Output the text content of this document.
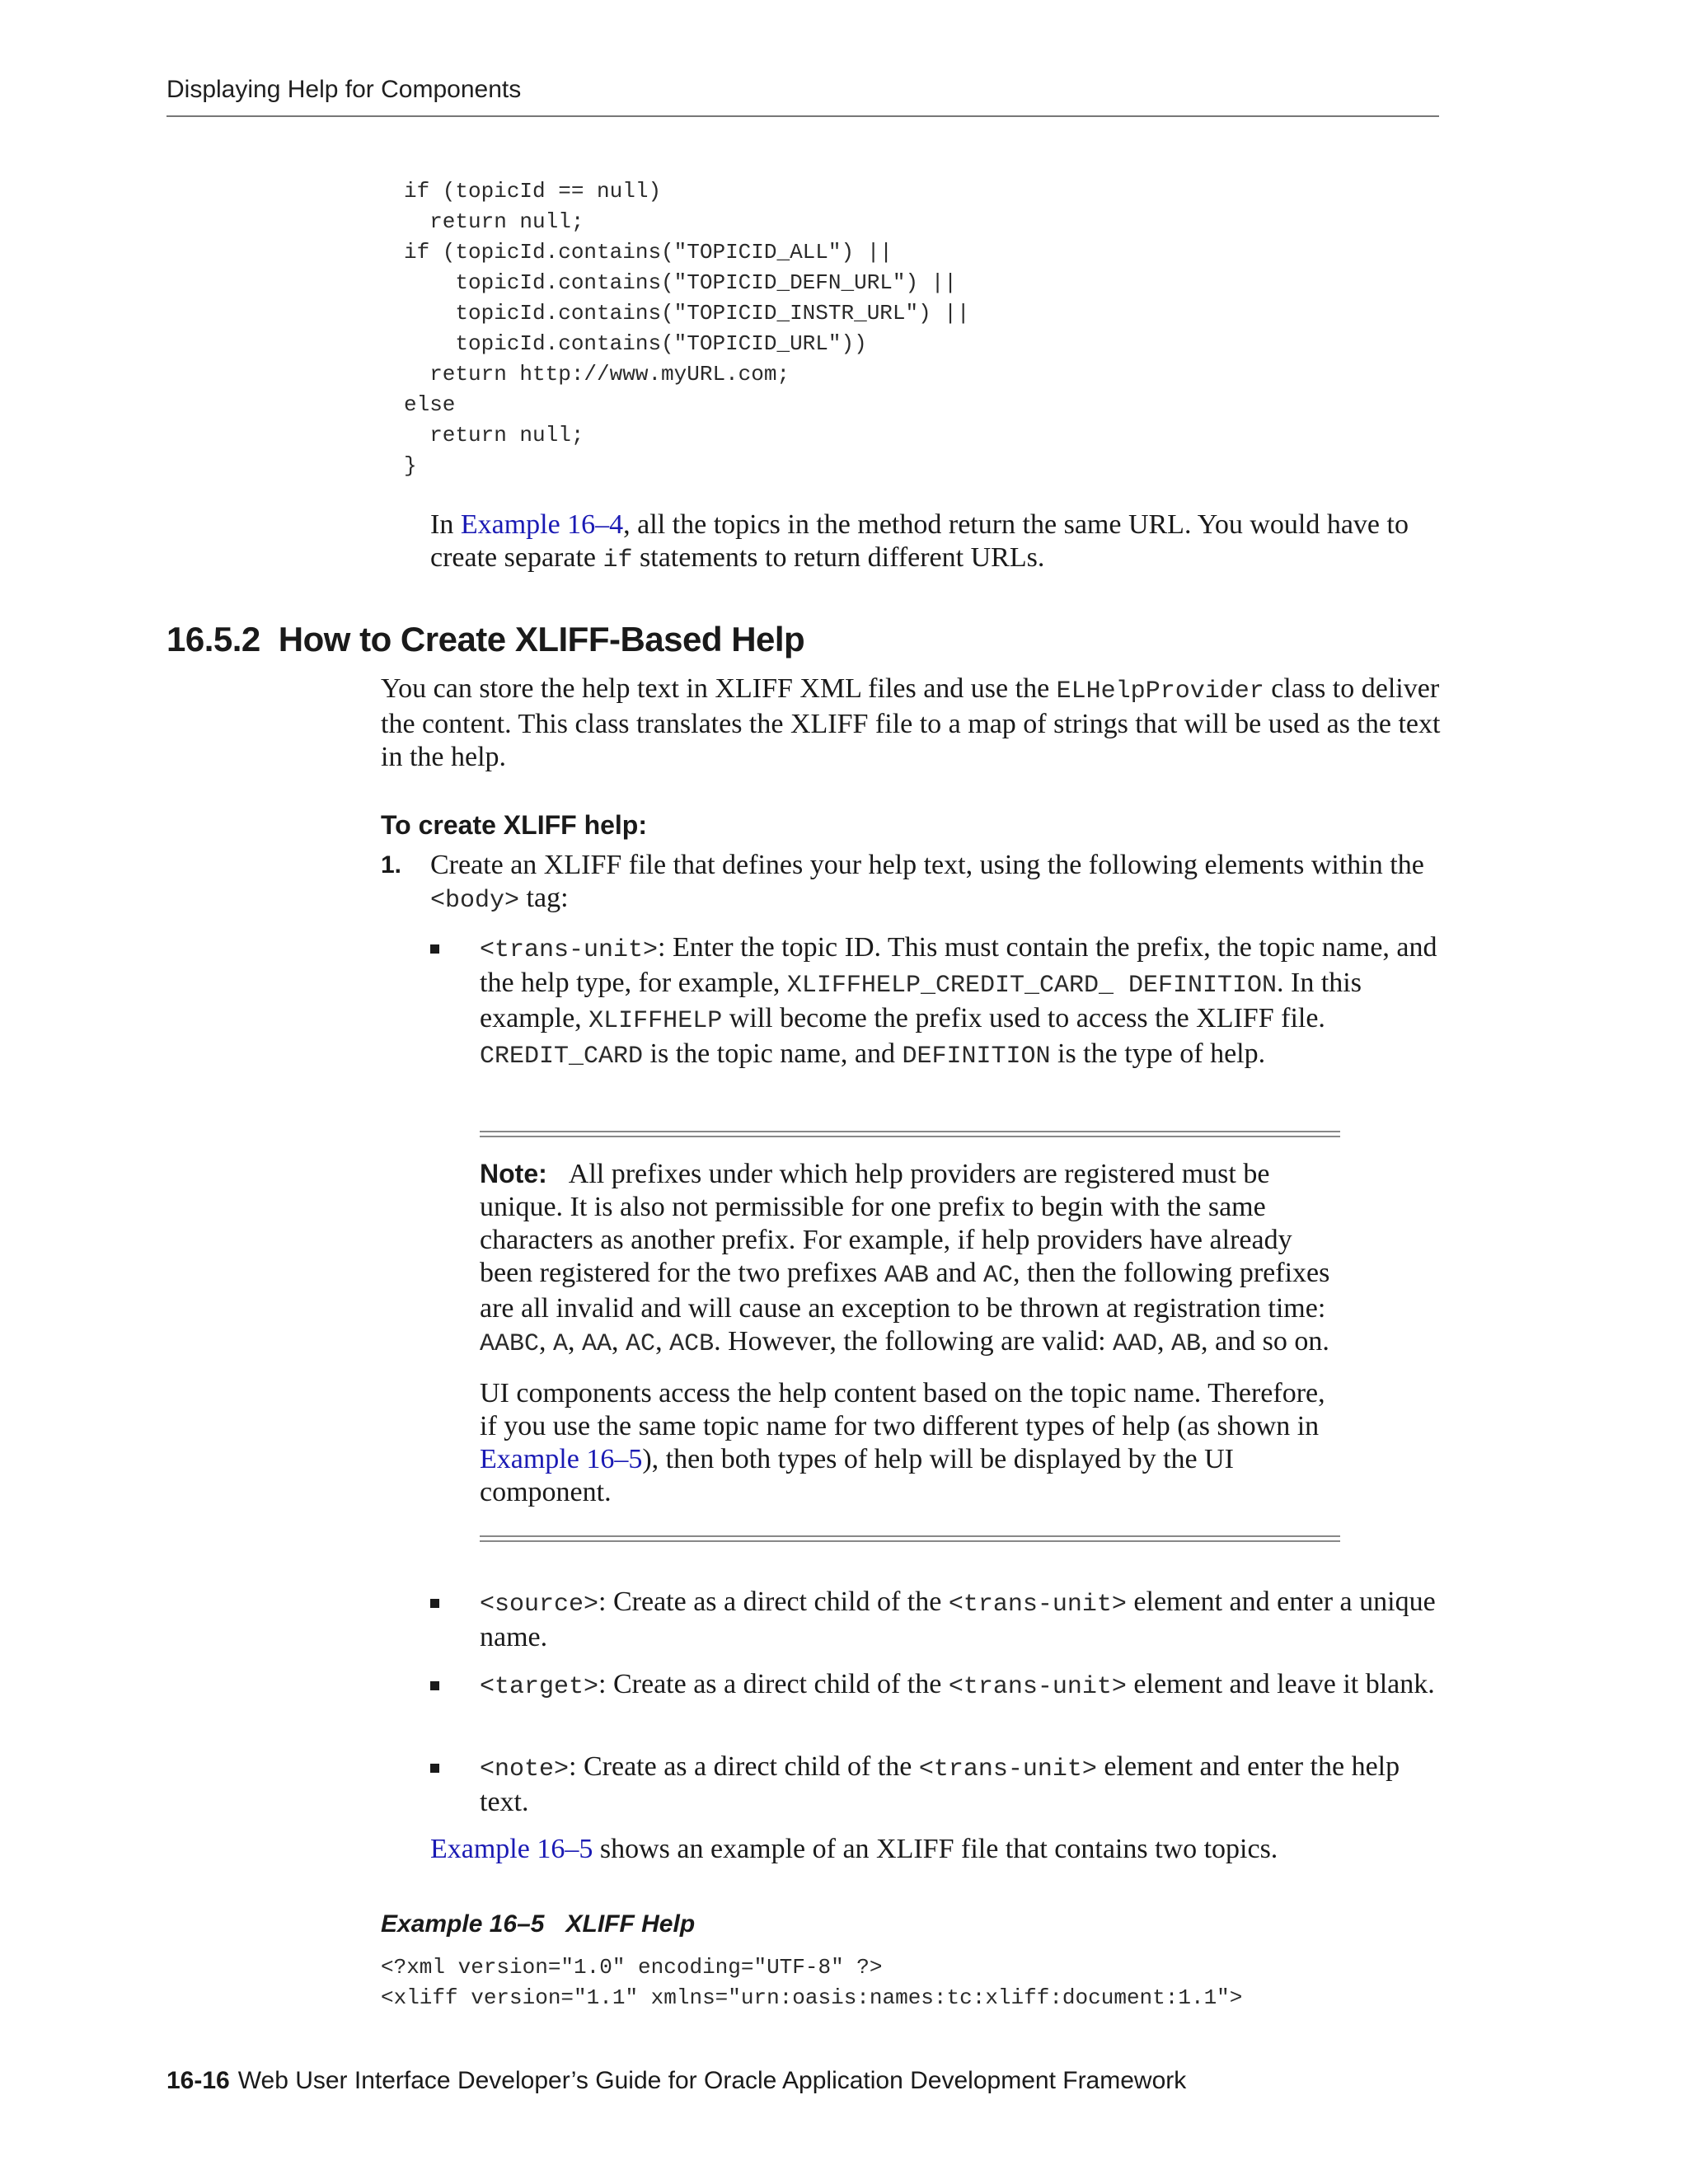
Displaying Help for Components
if (topicId == null)
return null;
if (topicId.contains("TOPICID_ALL") ||
topicId.contains("TOPICID_DEFN_URL") ||
topicId.contains("TOPICID_INSTR_URL") ||
topicId.contains("TOPICID_URL"))
return http://www.myURL.com;
else
return null;
}

In Example 16–4, all the topics in the method return the same URL. You would have to create separate if statements to return different URLs.

16.5.2 How to Create XLIFF-Based Help

You can store the help text in XLIFF XML files and use the ELHelpProvider class to deliver the content. This class translates the XLIFF file to a map of strings that will be used as the text in the help.

To create XLIFF help:
1. Create an XLIFF file that defines your help text, using the following elements within the <body> tag:
<trans-unit>: Enter the topic ID. This must contain the prefix, the topic name, and the help type, for example, XLIFFHELP_CREDIT_CARD_ DEFINITION. In this example, XLIFFHELP will become the prefix used to access the XLIFF file. CREDIT_CARD is the topic name, and DEFINITION is the type of help.

Note: All prefixes under which help providers are registered must be unique. It is also not permissible for one prefix to begin with the same characters as another prefix. For example, if help providers have already been registered for the two prefixes AAB and AC, then the following prefixes are all invalid and will cause an exception to be thrown at registration time: AABC, A, AA, AC, ACB. However, the following are valid: AAD, AB, and so on.

UI components access the help content based on the topic name. Therefore, if you use the same topic name for two different types of help (as shown in Example 16–5), then both types of help will be displayed by the UI component.

<source>: Create as a direct child of the <trans-unit> element and enter a unique name.
<target>: Create as a direct child of the <trans-unit> element and leave it blank.
<note>: Create as a direct child of the <trans-unit> element and enter the help text.

Example 16–5 shows an example of an XLIFF file that contains two topics.

Example 16–5 XLIFF Help
<?xml version="1.0" encoding="UTF-8" ?>
<xliff version="1.1" xmlns="urn:oasis:names:tc:xliff:document:1.1">
16-16 Web User Interface Developer’s Guide for Oracle Application Development Framework
